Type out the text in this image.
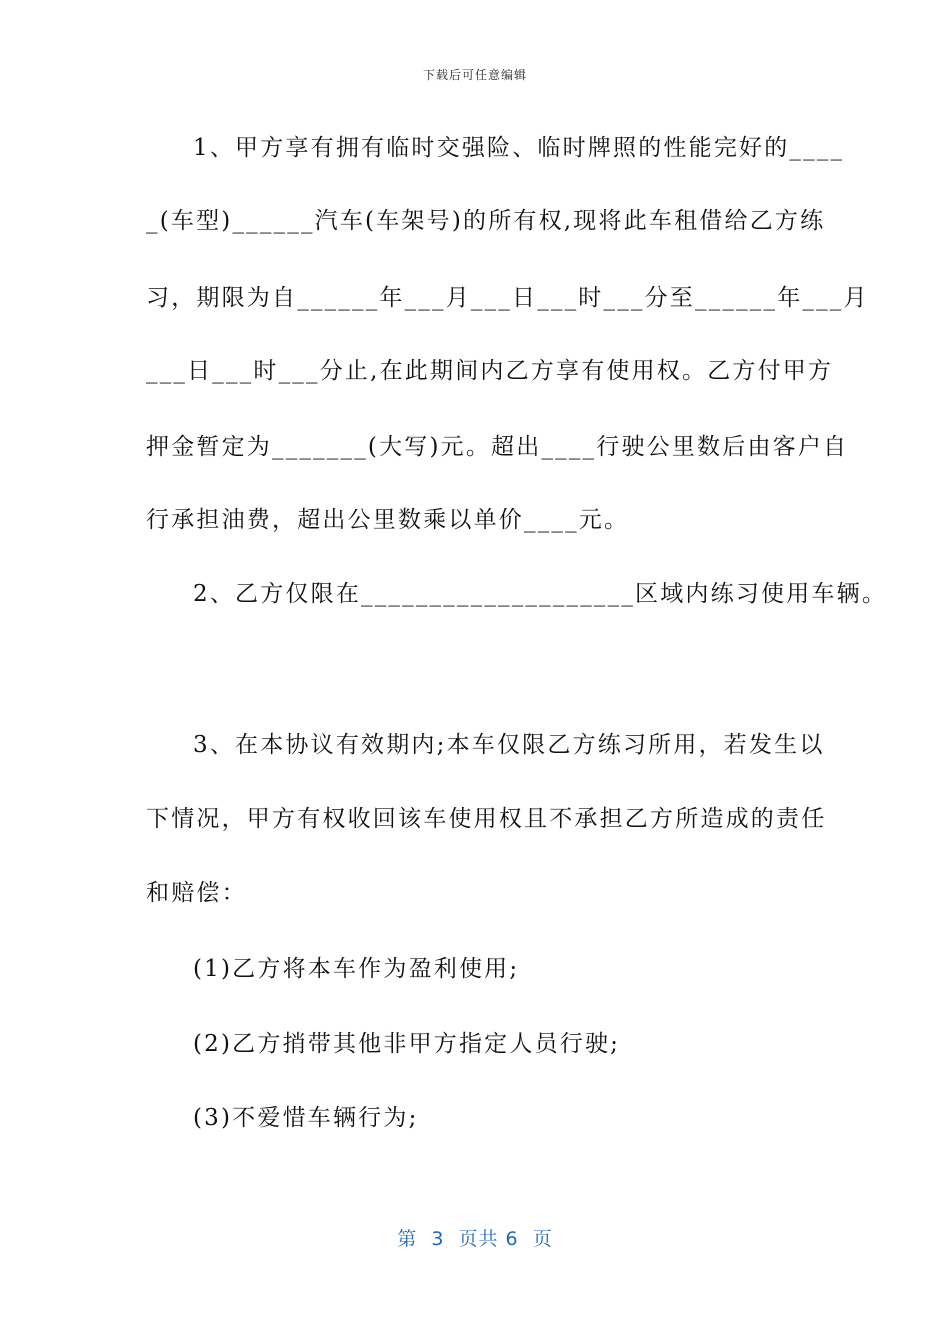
下载后可任意编辑
1、甲方享有拥有临时交强险、临时牌照的性能完好的____
_(车型)______汽车(车架号)的所有权,现将此车租借给乙方练
习，期限为自______年___月___日___时___分至______年___月
___日___时___分止,在此期间内乙方享有使用权。乙方付甲方
押金暂定为_______(大写)元。超出____行驶公里数后由客户自
行承担油费，超出公里数乘以单价____元。
2、乙方仅限在____________________区域内练习使用车辆。
3、在本协议有效期内;本车仅限乙方练习所用，若发生以
下情况，甲方有权收回该车使用权且不承担乙方所造成的责任
和赔偿：
(1)乙方将本车作为盈利使用;
(2)乙方捎带其他非甲方指定人员行驶;
(3)不爱惜车辆行为;
第  3  页共 6  页
